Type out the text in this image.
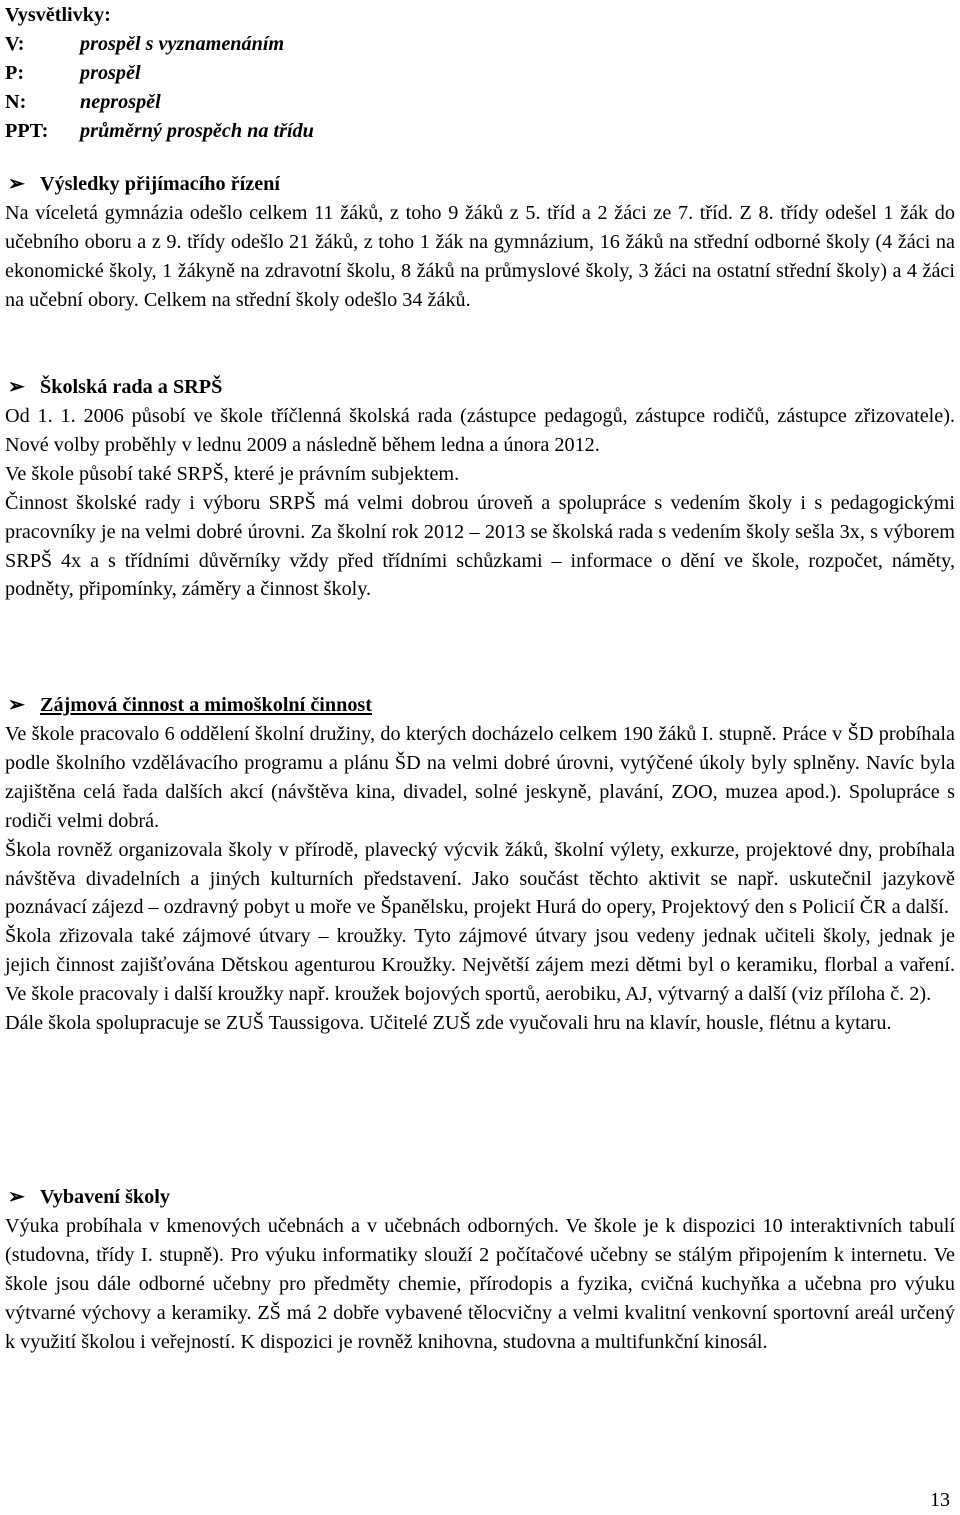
Vysvětlivky:
V:	prospěl s vyznamenáním
P:	prospěl
N:	neprospěl
PPT: průměrný prospěch na třídu
➢ Výsledky přijímacího řízení
Na víceletá gymnázia odešlo celkem 11 žáků, z toho 9 žáků z 5. tříd a 2 žáci ze 7. tříd. Z 8. třídy odešel 1 žák do učebního oboru a z 9. třídy odešlo 21 žáků, z toho 1 žák na gymnázium, 16 žáků na střední odborné školy (4 žáci na ekonomické školy, 1 žákyně na zdravotní školu, 8 žáků na průmyslové školy, 3 žáci na ostatní střední školy) a 4 žáci na učební obory. Celkem na střední školy odešlo 34 žáků.
➢ Školská rada a SRPŠ
Od 1. 1. 2006 působí ve škole tříčlenná školská rada (zástupce pedagogů, zástupce rodičů, zástupce zřizovatele). Nové volby proběhly v lednu 2009 a následně během ledna a února 2012.
Ve škole působí také SRPŠ, které je právním subjektem.
Činnost školské rady i výboru SRPŠ má velmi dobrou úroveň a spolupráce s vedením školy i s pedagogickými pracovníky je na velmi dobré úrovni. Za školní rok 2012 – 2013 se školská rada s vedením školy sešla 3x, s výborem SRPŠ 4x a s třídními důvěrníky vždy před třídními schůzkami – informace o dění ve škole, rozpočet, náměty, podněty, připomínky, záměry a činnost školy.
➢ Zájmová činnost a mimoškolní činnost
Ve škole pracovalo 6 oddělení školní družiny, do kterých docházelo celkem 190 žáků I. stupně. Práce v ŠD probíhala podle školního vzdělávacího programu a plánu ŠD na velmi dobré úrovni, vytýčené úkoly byly splněny. Navíc byla zajištěna celá řada dalších akcí (návštěva kina, divadel, solné jeskyně, plavání, ZOO, muzea apod.). Spolupráce s rodiči velmi dobrá.
Škola rovněž organizovala školy v přírodě, plavecký výcvik žáků, školní výlety, exkurze, projektové dny, probíhala návštěva divadelních a jiných kulturních představení. Jako součást těchto aktivit se např. uskutečnil jazykově poznávací zájezd – ozdravný pobyt u moře ve Španělsku, projekt Hurá do opery, Projektový den s Policií ČR a další.
Škola zřizovala také zájmové útvary – kroužky. Tyto zájmové útvary jsou vedeny jednak učiteli školy, jednak je jejich činnost zajišťována Dětskou agenturou Kroužky. Největší zájem mezi dětmi byl o keramiku, florbal a vaření. Ve škole pracovaly i další kroužky např. kroužek bojových sportů, aerobiku, AJ, výtvarný a další (viz příloha č. 2).
Dále škola spolupracuje se ZUŠ Taussigova. Učitelé ZUŠ zde vyučovali hru na klavír, housle, flétnu a kytaru.
➢ Vybavení školy
Výuka probíhala v kmenových učebnách a v učebnách odborných. Ve škole je k dispozici 10 interaktivních tabulí (studovna, třídy I. stupně). Pro výuku informatiky slouží 2 počítačové učebny se stálým připojením k internetu. Ve škole jsou dále odborné učebny pro předměty chemie, přírodopis a fyzika, cvičná kuchyňka a učebna pro výuku výtvarné výchovy a keramiky. ZŠ má 2 dobře vybavené tělocvičny a velmi kvalitní venkovní sportovní areál určený k využití školou i veřejností. K dispozici je rovněž knihovna, studovna a multifunkční kinosál.
13
